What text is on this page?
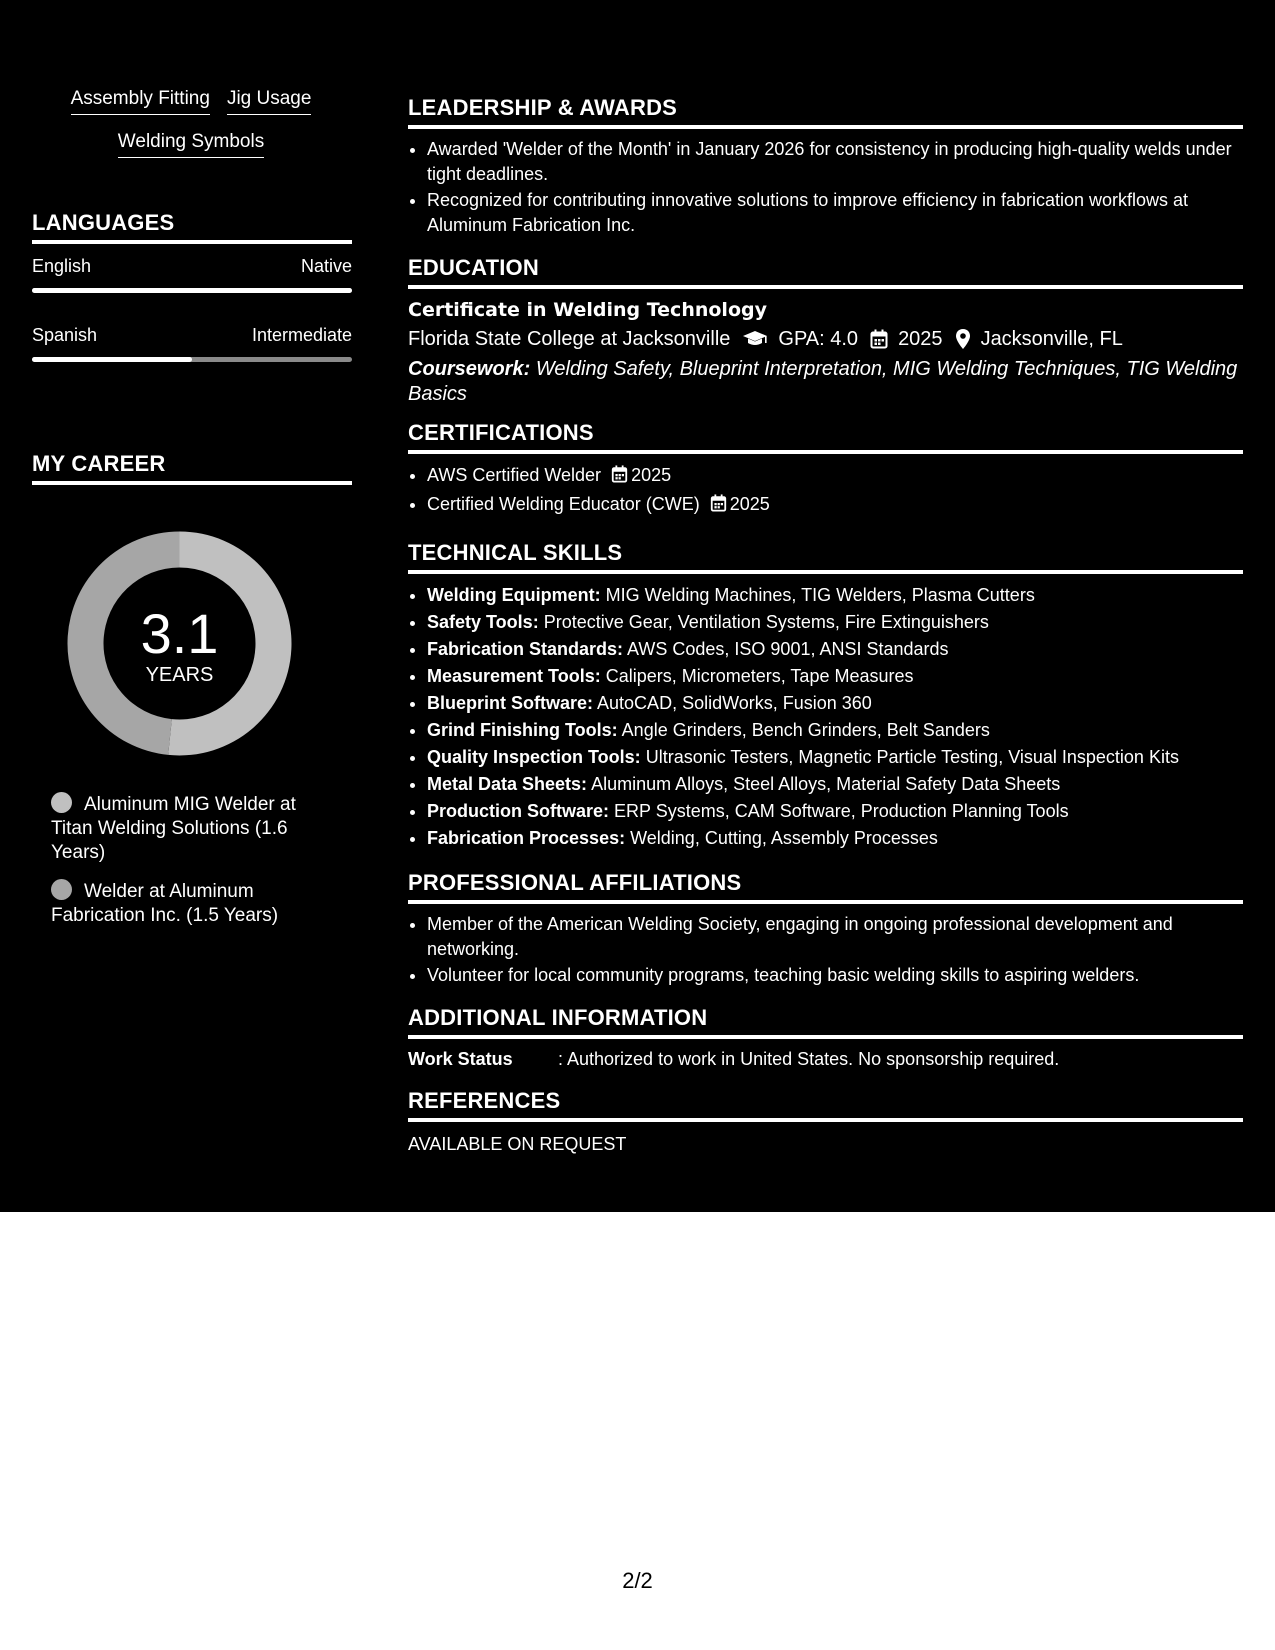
Assembly Fitting Jig Usage
Welding Symbols
LANGUAGES
English	Native
Spanish	Intermediate
MY CAREER
3.1
YEARS
Aluminum MIG Welder at Titan Welding Solutions (1.6 Years)
Welder at Aluminum Fabrication Inc. (1.5 Years)
LEADERSHIP & AWARDS
• Awarded 'Welder of the Month' in January 2026 for consistency in producing high-quality welds under tight deadlines.
• Recognized for contributing innovative solutions to improve efficiency in fabrication workflows at Aluminum Fabrication Inc.
EDUCATION
Certificate in Welding Technology
Florida State College at Jacksonville GPA: 4.0 2025 Jacksonville, FL
Coursework: Welding Safety, Blueprint Interpretation, MIG Welding Techniques, TIG Welding Basics
CERTIFICATIONS
• AWS Certified Welder 2025
• Certified Welding Educator (CWE) 2025
TECHNICAL SKILLS
• Welding Equipment: MIG Welding Machines, TIG Welders, Plasma Cutters
• Safety Tools: Protective Gear, Ventilation Systems, Fire Extinguishers
• Fabrication Standards: AWS Codes, ISO 9001, ANSI Standards
• Measurement Tools: Calipers, Micrometers, Tape Measures
• Blueprint Software: AutoCAD, SolidWorks, Fusion 360
• Grind Finishing Tools: Angle Grinders, Bench Grinders, Belt Sanders
• Quality Inspection Tools: Ultrasonic Testers, Magnetic Particle Testing, Visual Inspection Kits
• Metal Data Sheets: Aluminum Alloys, Steel Alloys, Material Safety Data Sheets
• Production Software: ERP Systems, CAM Software, Production Planning Tools
• Fabrication Processes: Welding, Cutting, Assembly Processes
PROFESSIONAL AFFILIATIONS
• Member of the American Welding Society, engaging in ongoing professional development and networking.
• Volunteer for local community programs, teaching basic welding skills to aspiring welders.
ADDITIONAL INFORMATION
Work Status	: Authorized to work in United States. No sponsorship required.
REFERENCES
AVAILABLE ON REQUEST
2/2
